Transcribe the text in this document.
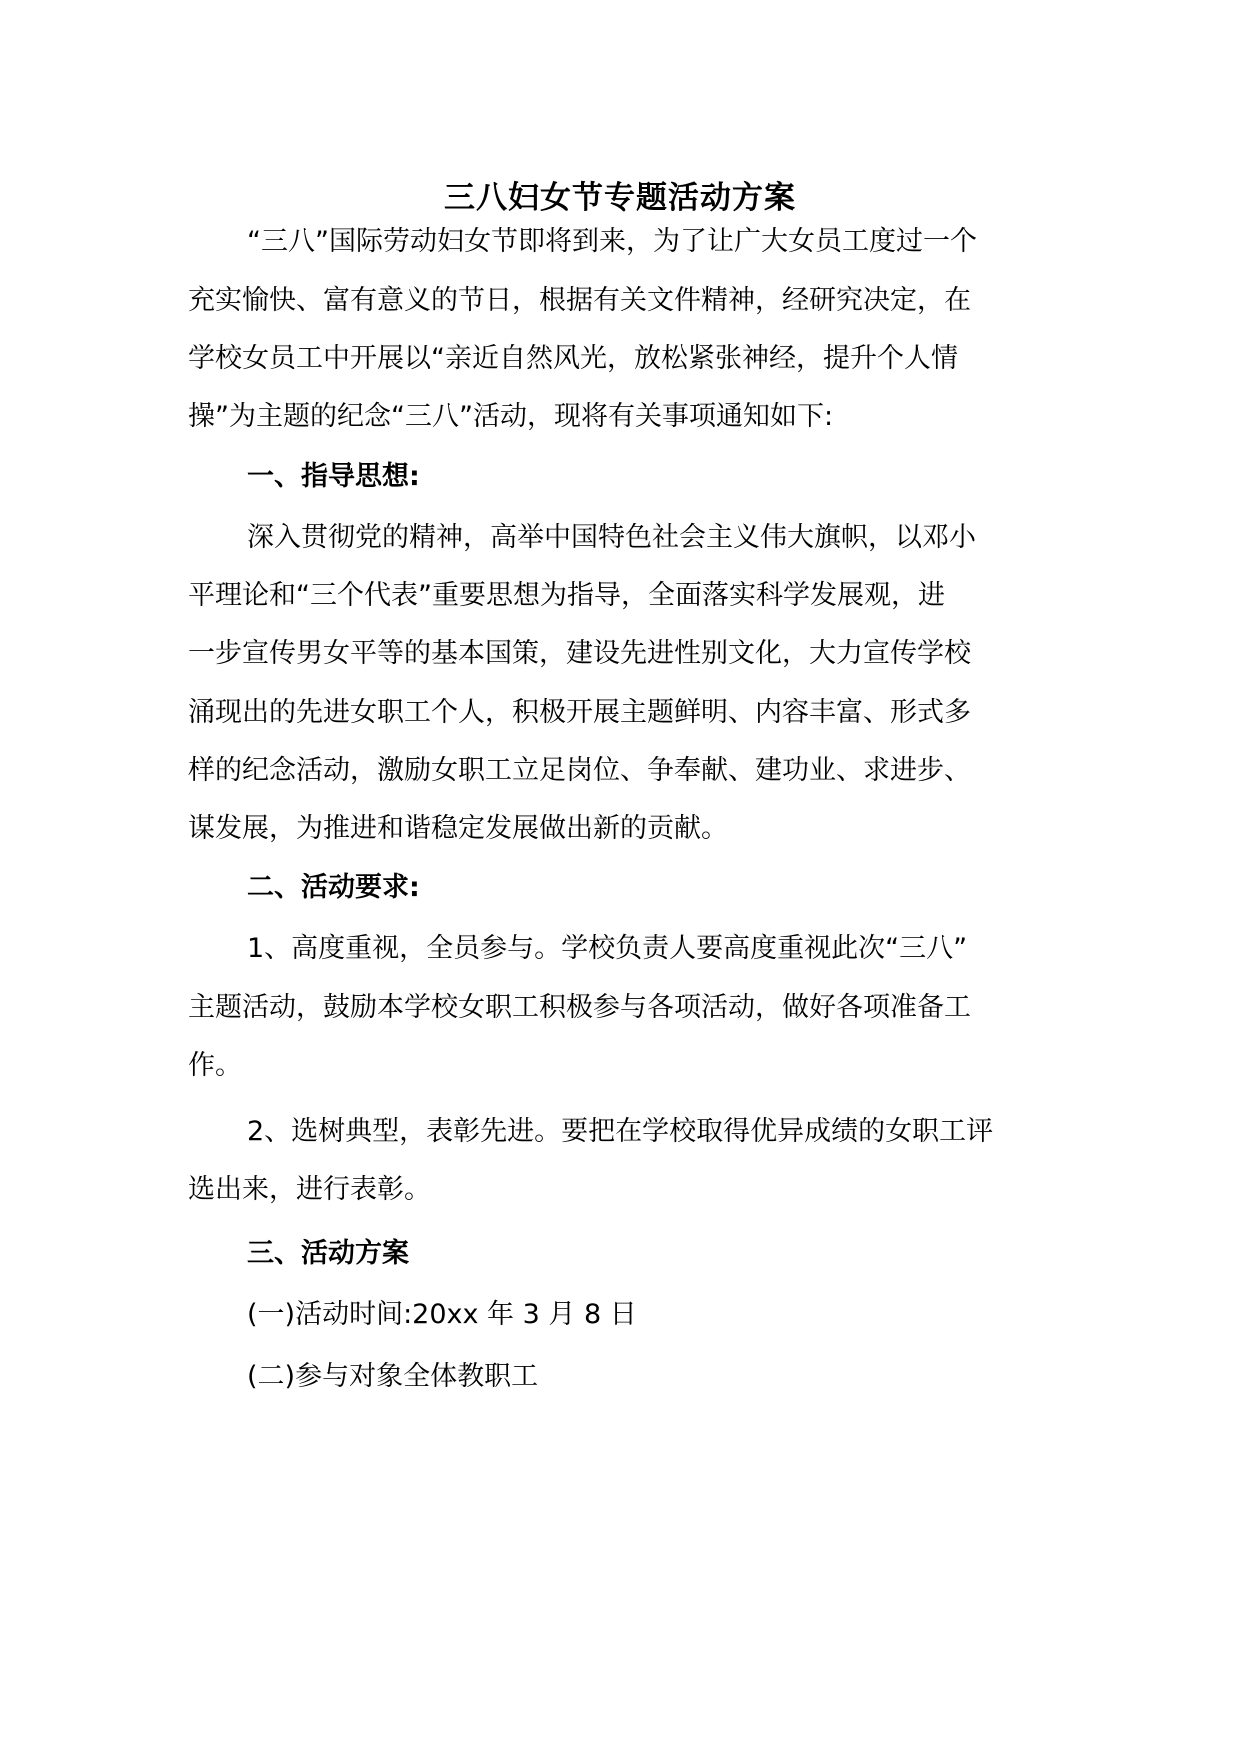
三八妇女节专题活动方案
“三八”国际劳动妇女节即将到来，为了让广大女员工度过一个
充实愉快、富有意义的节日，根据有关文件精神，经研究决定，在
学校女员工中开展以“亲近自然风光，放松紧张神经，提升个人情
操”为主题的纪念“三八”活动，现将有关事项通知如下:
一、指导思想:
深入贯彻党的精神，高举中国特色社会主义伟大旗帜，以邓小
平理论和“三个代表”重要思想为指导，全面落实科学发展观，进
一步宣传男女平等的基本国策，建设先进性别文化，大力宣传学校
涌现出的先进女职工个人，积极开展主题鲜明、内容丰富、形式多
样的纪念活动，激励女职工立足岗位、争奉献、建功业、求进步、
谋发展，为推进和谐稳定发展做出新的贡献。
二、活动要求:
1、高度重视，全员参与。学校负责人要高度重视此次“三八”
主题活动，鼓励本学校女职工积极参与各项活动，做好各项准备工
作。
2、选树典型，表彰先进。要把在学校取得优异成绩的女职工评
选出来，进行表彰。
三、活动方案
(一)活动时间:20xx 年 3 月 8 日
(二)参与对象全体教职工
